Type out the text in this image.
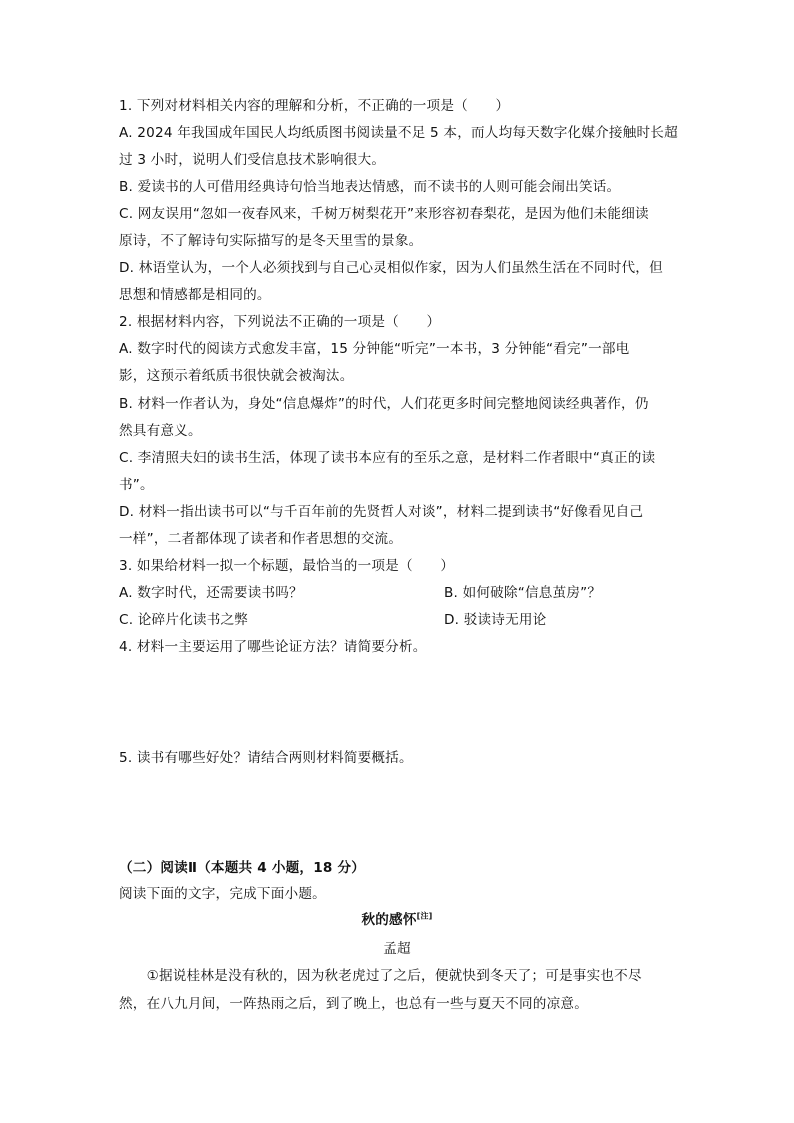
1. 下列对材料相关内容的理解和分析，不正确的一项是（　　）
A. 2024 年我国成年国民人均纸质图书阅读量不足 5 本，而人均每天数字化媒介接触时长超
过 3 小时，说明人们受信息技术影响很大。
B. 爱读书的人可借用经典诗句恰当地表达情感，而不读书的人则可能会闹出笑话。
C. 网友误用“忽如一夜春风来，千树万树梨花开”来形容初春梨花，是因为他们未能细读
原诗，不了解诗句实际描写的是冬天里雪的景象。
D. 林语堂认为，一个人必须找到与自己心灵相似作家，因为人们虽然生活在不同时代，但
思想和情感都是相同的。
2. 根据材料内容，下列说法不正确的一项是（　　）
A. 数字时代的阅读方式愈发丰富，15 分钟能“听完”一本书，3 分钟能“看完”一部电
影，这预示着纸质书很快就会被淘汰。
B. 材料一作者认为，身处“信息爆炸”的时代，人们花更多时间完整地阅读经典著作，仍
然具有意义。
C. 李清照夫妇的读书生活，体现了读书本应有的至乐之意，是材料二作者眼中“真正的读
书”。
D. 材料一指出读书可以“与千百年前的先贤哲人对谈”，材料二提到读书“好像看见自己
一样”，二者都体现了读者和作者思想的交流。
3. 如果给材料一拟一个标题，最恰当的一项是（　　）
A. 数字时代，还需要读书吗？	B. 如何破除“信息茧房”？
C. 论碎片化读书之弊	D. 驳读诗无用论
4. 材料一主要运用了哪些论证方法？请简要分析。
5. 读书有哪些好处？请结合两则材料简要概括。
（二）阅读Ⅱ（本题共 4 小题，18 分）
阅读下面的文字，完成下面小题。
秋的感怀[注]
孟超
　　①据说桂林是没有秋的，因为秋老虎过了之后，便就快到冬天了；可是事实也不尽
然，在八九月间，一阵热雨之后，到了晚上，也总有一些与夏天不同的凉意。
